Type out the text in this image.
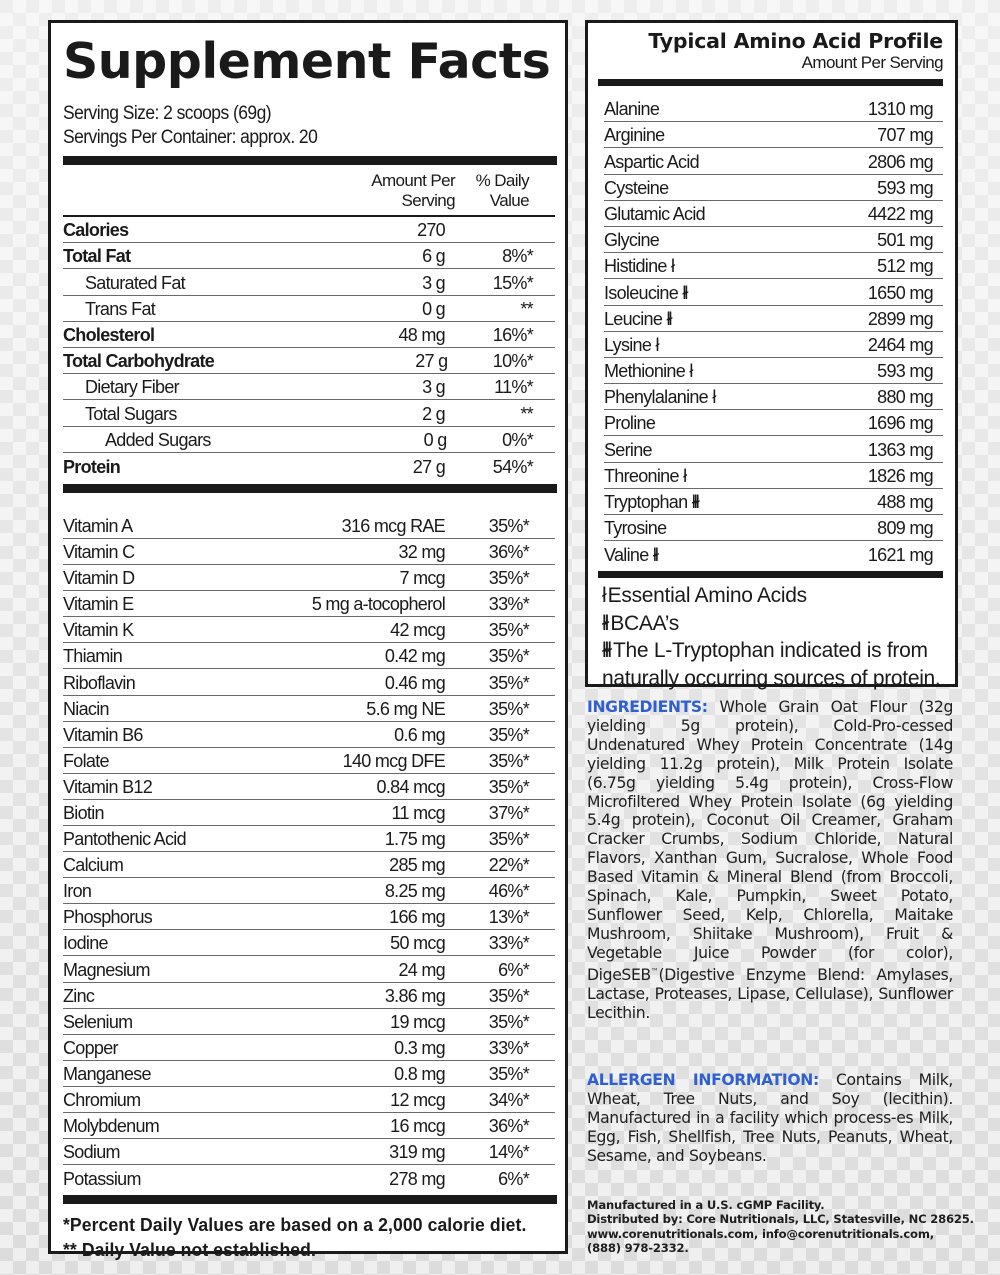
Supplement Facts
Serving Size: 2 scoops (69g)
Servings Per Container: approx. 20
Amount Per
Serving
% Daily
Value
Calories	270
Total Fat	6 g	8%*
Saturated Fat	3 g	15%*
Trans Fat	0 g	**
Cholesterol	48 mg	16%*
Total Carbohydrate	27 g	10%*
Dietary Fiber	3 g	11%*
Total Sugars	2 g	**
Added Sugars	0 g	0%*
Protein	27 g	54%*
Vitamin A	316 mcg RAE	35%*
Vitamin C	32 mg	36%*
Vitamin D	7 mcg	35%*
Vitamin E	5 mg a-tocopherol	33%*
Vitamin K	42 mcg	35%*
Thiamin	0.42 mg	35%*
Riboflavin	0.46 mg	35%*
Niacin	5.6 mg NE	35%*
Vitamin B6	0.6 mg	35%*
Folate	140 mcg DFE	35%*
Vitamin B12	0.84 mcg	35%*
Biotin	11 mcg	37%*
Pantothenic Acid	1.75 mg	35%*
Calcium	285 mg	22%*
Iron	8.25 mg	46%*
Phosphorus	166 mg	13%*
Iodine	50 mcg	33%*
Magnesium	24 mg	6%*
Zinc	3.86 mg	35%*
Selenium	19 mcg	35%*
Copper	0.3 mg	33%*
Manganese	0.8 mg	35%*
Chromium	12 mcg	34%*
Molybdenum	16 mcg	36%*
Sodium	319 mg	14%*
Potassium	278 mg	6%*
*Percent Daily Values are based on a 2,000 calorie diet.
** Daily Value not established.
Typical Amino Acid Profile
Amount Per Serving
Alanine	1310 mg
Arginine	707 mg
Aspartic Acid	2806 mg
Cysteine	593 mg
Glutamic Acid	4422 mg
Glycine	501 mg
Histidine ł	512 mg
Isoleucine łł	1650 mg
Leucine łł	2899 mg
Lysine ł	2464 mg
Methionine ł	593 mg
Phenylalanine ł	880 mg
Proline	1696 mg
Serine	1363 mg
Threonine ł	1826 mg
Tryptophan łłł	488 mg
Tyrosine	809 mg
Valine łł	1621 mg
ł Essential Amino Acids
łł BCAA’s
łłł The L-Tryptophan indicated is from
naturally occurring sources of protein.

INGREDIENTS: Whole Grain Oat Flour (32g yielding 5g protein), Cold-Pro-cessed Undenatured Whey Protein Concentrate (14g yielding 11.2g protein), Milk Protein Isolate (6.75g yielding 5.4g protein), Cross-Flow Microfiltered Whey Protein Isolate (6g yielding 5.4g protein), Coconut Oil Creamer, Graham Cracker Crumbs, Sodium Chloride, Natural Flavors, Xanthan Gum, Sucralose, Whole Food Based Vitamin & Mineral Blend (from Broccoli, Spinach, Kale, Pumpkin, Sweet Potato, Sunflower Seed, Kelp, Chlorella, Maitake Mushroom, Shiitake Mushroom), Fruit & Vegetable Juice Powder (for color), DigeSEB™(Digestive Enzyme Blend: Amylases, Lactase, Proteases, Lipase, Cellulase), Sunflower Lecithin.

ALLERGEN INFORMATION: Contains Milk, Wheat, Tree Nuts, and Soy (lecithin). Manufactured in a facility which process-es Milk, Egg, Fish, Shellfish, Tree Nuts, Peanuts, Wheat, Sesame, and Soybeans.

Manufactured in a U.S. cGMP Facility.
Distributed by: Core Nutritionals, LLC, Statesville, NC 28625.
www.corenutritionals.com, info@corenutritionals.com,
(888) 978-2332.
